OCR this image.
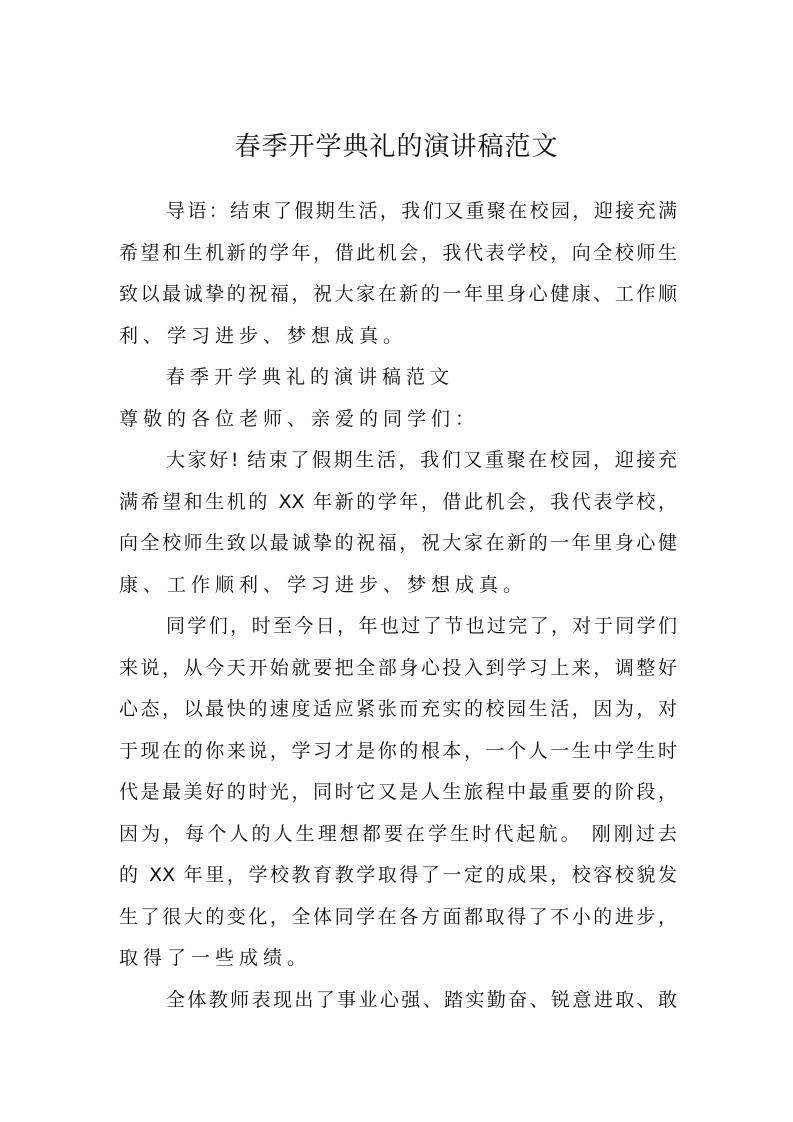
春季开学典礼的演讲稿范文
导语：结束了假期生活，我们又重聚在校园，迎接充满
希望和生机新的学年，借此机会，我代表学校，向全校师生
致以最诚挚的祝福，祝大家在新的一年里身心健康、工作顺
利、学习进步、梦想成真。
春季开学典礼的演讲稿范文
尊敬的各位老师、亲爱的同学们：
大家好! 结束了假期生活，我们又重聚在校园，迎接充
满希望和生机的 XX 年新的学年，借此机会，我代表学校，
向全校师生致以最诚挚的祝福，祝大家在新的一年里身心健
康、工作顺利、学习进步、梦想成真。
同学们，时至今日，年也过了节也过完了，对于同学们
来说，从今天开始就要把全部身心投入到学习上来，调整好
心态，以最快的速度适应紧张而充实的校园生活，因为，对
于现在的你来说，学习才是你的根本，一个人一生中学生时
代是最美好的时光，同时它又是人生旅程中最重要的阶段，
因为，每个人的人生理想都要在学生时代起航。 刚刚过去
的 XX 年里，学校教育教学取得了一定的成果，校容校貌发
生了很大的变化，全体同学在各方面都取得了不小的进步，
取得了一些成绩。
全体教师表现出了事业心强、踏实勤奋、锐意进取、敢
